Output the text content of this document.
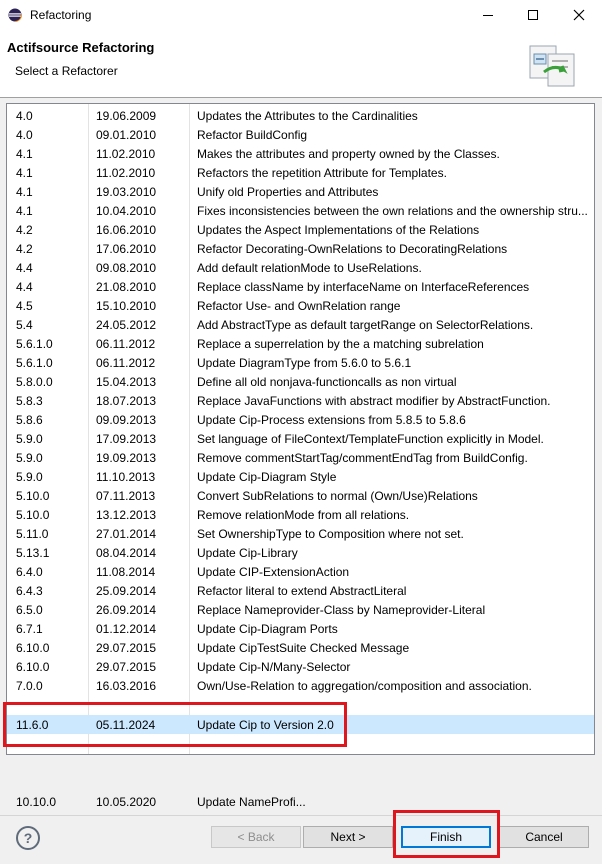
Refactoring
Actifsource Refactoring
Select a Refactorer
4.0	19.06.2009	Updates the Attributes to the Cardinalities
4.0	09.01.2010	Refactor BuildConfig
4.1	11.02.2010	Makes the attributes and property owned by the Classes.
4.1	11.02.2010	Refactors the repetition Attribute for Templates.
4.1	19.03.2010	Unify old Properties and Attributes
4.1	10.04.2010	Fixes inconsistencies between the own relations and the ownership stru...
4.2	16.06.2010	Updates the Aspect Implementations of the Relations
4.2	17.06.2010	Refactor Decorating-OwnRelations to DecoratingRelations
4.4	09.08.2010	Add default relationMode to UseRelations.
4.4	21.08.2010	Replace className by interfaceName on InterfaceReferences
4.5	15.10.2010	Refactor Use- and OwnRelation range
5.4	24.05.2012	Add AbstractType as default targetRange on SelectorRelations.
5.6.1.0	06.11.2012	Replace a superrelation by the a matching subrelation
5.6.1.0	06.11.2012	Update DiagramType from 5.6.0 to 5.6.1
5.8.0.0	15.04.2013	Define all old nonjava-functioncalls as non virtual
5.8.3	18.07.2013	Replace JavaFunctions with abstract modifier by AbstractFunction.
5.8.6	09.09.2013	Update Cip-Process extensions from 5.8.5 to 5.8.6
5.9.0	17.09.2013	Set language of FileContext/TemplateFunction explicitly in Model.
5.9.0	19.09.2013	Remove commentStartTag/commentEndTag from BuildConfig.
5.9.0	11.10.2013	Update Cip-Diagram Style
5.10.0	07.11.2013	Convert SubRelations to normal (Own/Use)Relations
5.10.0	13.12.2013	Remove relationMode from all relations.
5.11.0	27.01.2014	Set OwnershipType to Composition where not set.
5.13.1	08.04.2014	Update Cip-Library
6.4.0	11.08.2014	Update CIP-ExtensionAction
6.4.3	25.09.2014	Refactor literal to extend AbstractLiteral
6.5.0	26.09.2014	Replace Nameprovider-Class by Nameprovider-Literal
6.7.1	01.12.2014	Update Cip-Diagram Ports
6.10.0	29.07.2015	Update CipTestSuite Checked Message
6.10.0	29.07.2015	Update Cip-N/Many-Selector
7.0.0	16.03.2016	Own/Use-Relation to aggregation/composition and association.
10.10.0	10.05.2020	Update NameProfi...
11.6.0	05.11.2024	Update Cip to Version 2.0
?	< Back	Next >	Finish	Cancel
